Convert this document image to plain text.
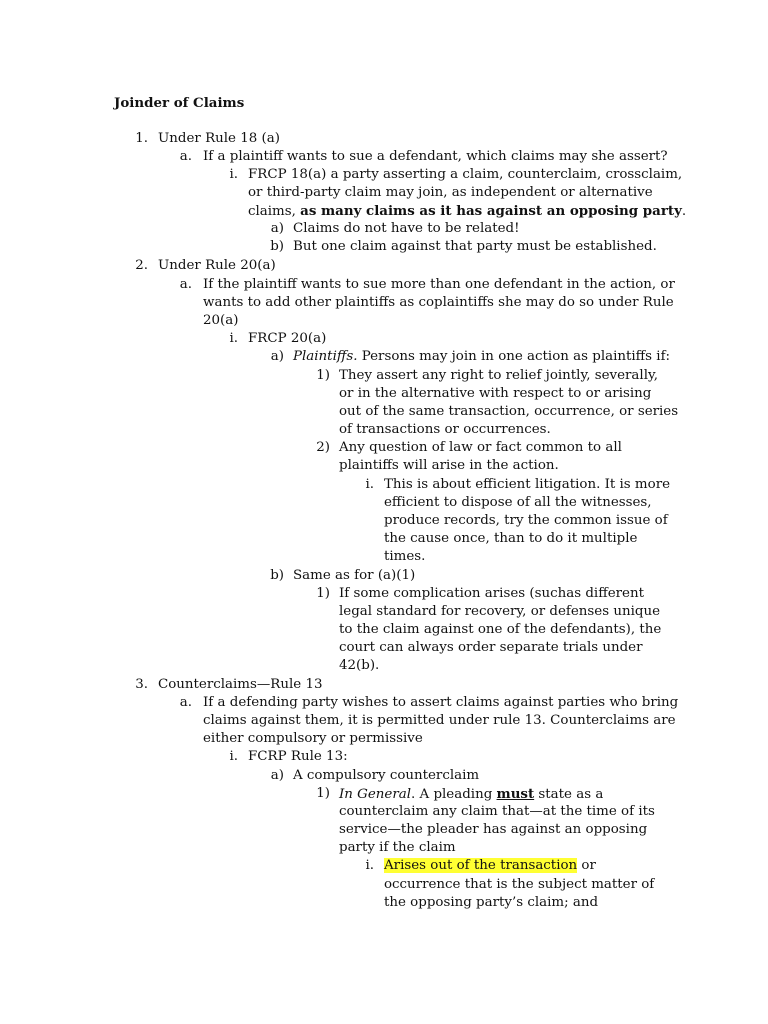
Joinder of Claims
1. Under Rule 18 (a)
a. If a plaintiff wants to sue a defendant, which claims may she assert?
i. FRCP 18(a) a party asserting a claim, counterclaim, crossclaim,
or third-party claim may join, as independent or alternative
claims, as many claims as it has against an opposing party.
a) Claims do not have to be related!
b) But one claim against that party must be established.
2. Under Rule 20(a)
a. If the plaintiff wants to sue more than one defendant in the action, or
wants to add other plaintiffs as coplaintiffs she may do so under Rule
20(a)
i. FRCP 20(a)
a) Plaintiffs. Persons may join in one action as plaintiffs if:
1) They assert any right to relief jointly, severally,
or in the alternative with respect to or arising
out of the same transaction, occurrence, or series
of transactions or occurrences.
2) Any question of law or fact common to all
plaintiffs will arise in the action.
i. This is about efficient litigation. It is more
efficient to dispose of all the witnesses,
produce records, try the common issue of
the cause once, than to do it multiple
times.
b) Same as for (a)(1)
1) If some complication arises (suchas different
legal standard for recovery, or defenses unique
to the claim against one of the defendants), the
court can always order separate trials under
42(b).
3. Counterclaims—Rule 13
a. If a defending party wishes to assert claims against parties who bring
claims against them, it is permitted under rule 13. Counterclaims are
either compulsory or permissive
i. FCRP Rule 13:
a) A compulsory counterclaim
1) In General. A pleading must state as a
counterclaim any claim that—at the time of its
service—the pleader has against an opposing
party if the claim
i. Arises out of the transaction or
occurrence that is the subject matter of
the opposing party’s claim; and
